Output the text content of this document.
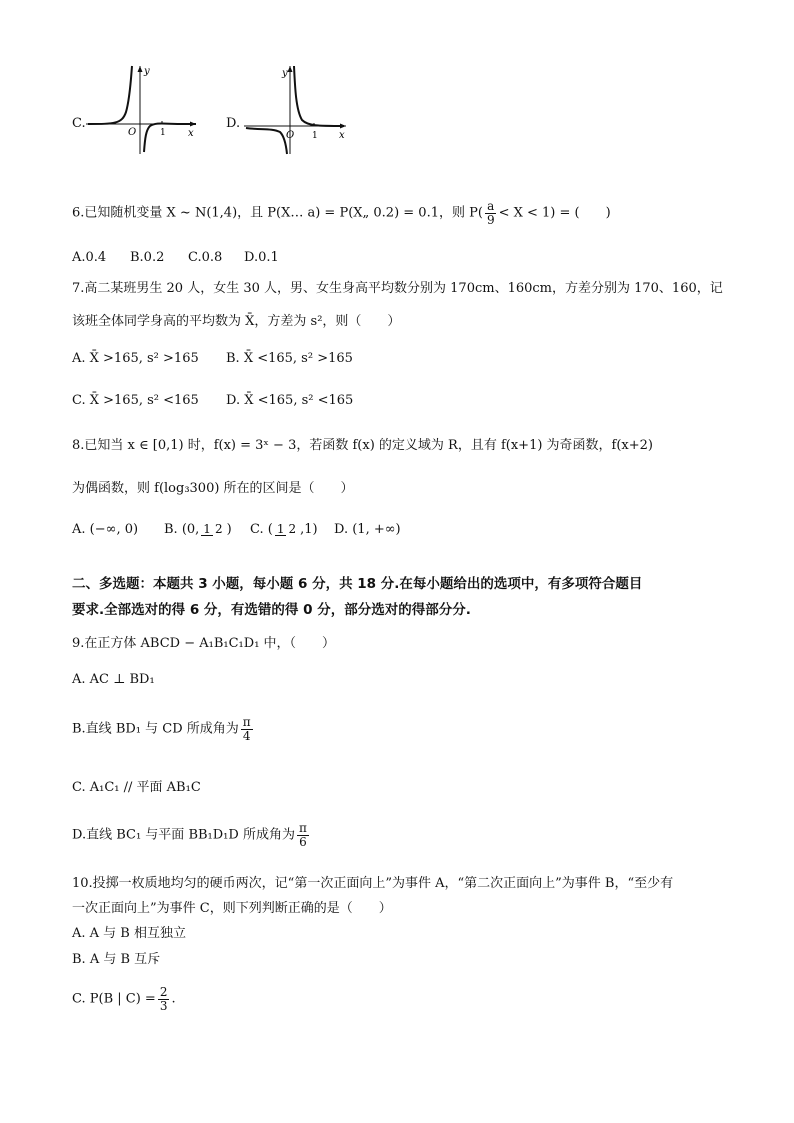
C.
y
x
O	1
D.
y
x
O 1
6.已知随机变量 X ~ N(1,4)，且 P(X… a) = P(X„ 0.2) = 0.1，则 $P( \frac{a}{9} < X < 1)$ = (　　)
A.0.4 B.0.2 C.0.8 D.0.1
7.高二某班男生 20 人，女生 30 人，男、女生身高平均数分别为 170cm、160cm，方差分别为 170、160，记
该班全体同学身高的平均数为 X̄，方差为 s²，则（　　）
A. X̄ >165, s² >165 B. X̄ <165, s² >165
C. X̄ >165, s² <165 D. X̄ <165, s² <165
8.已知当 x ∈ [0,1) 时，f(x) = 3ˣ − 3，若函数 f(x) 的定义域为 R，且有 f(x+1) 为奇函数，f(x+2)
为偶函数，则 f(log₃300) 所在的区间是（　　）
A. (−∞, 0) B. (0, 1 2 ) C. ( 1 2 ,1) D. (1, +∞)
二、多选题：本题共 3 小题，每小题 6 分，共 18 分.在每小题给出的选项中，有多项符合题目
要求.全部选对的得 6 分，有选错的得 0 分，部分选对的得部分分.
9.在正方体 ABCD − A₁B₁C₁D₁ 中，（　　）
A. AC ⊥ BD₁
B.直线 BD₁ 与 CD 所成角为 $\frac{\pi}{4}$
C. A₁C₁ // 平面 AB₁C
D.直线 BC₁ 与平面 BB₁D₁D 所成角为 $\frac{\pi}{6}$
10.投掷一枚质地均匀的硬币两次，记“第一次正面向上”为事件 A，“第二次正面向上”为事件 B，“至少有
一次正面向上”为事件 C，则下列判断正确的是（　　）
A. A 与 B 相互独立
B. A 与 B 互斥
C. P(B | $C) = \frac{2}{3}$ .
